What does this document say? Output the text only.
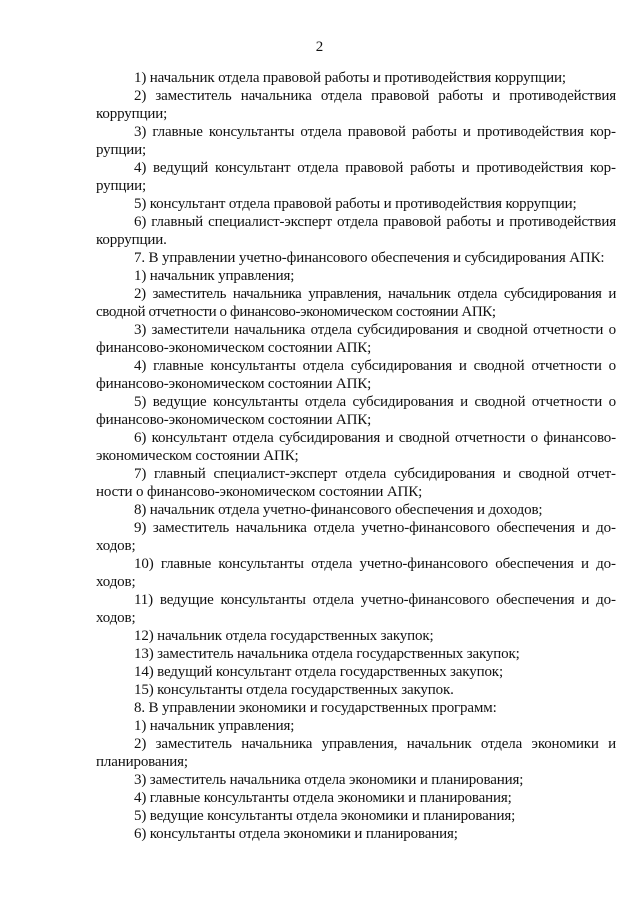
2

1) начальник отдела правовой работы и противодействия коррупции;

2) заместитель начальника отдела правовой работы и противодействия коррупции;

3) главные консультанты отдела правовой работы и противодействия коррупции;

4) ведущий консультант отдела правовой работы и противодействия коррупции;

5) консультант отдела правовой работы и противодействия коррупции;

6) главный специалист-эксперт отдела правовой работы и противодействия коррупции.

7. В управлении учетно-финансового обеспечения и субсидирования АПК:

1) начальник управления;

2) заместитель начальника управления, начальник отдела субсидирования и сводной отчетности о финансово-экономическом состоянии АПК;

3) заместители начальника отдела субсидирования и сводной отчетности о финансово-экономическом состоянии АПК;

4) главные консультанты отдела субсидирования и сводной отчетности о финансово-экономическом состоянии АПК;

5) ведущие консультанты отдела субсидирования и сводной отчетности о финансово-экономическом состоянии АПК;

6) консультант отдела субсидирования и сводной отчетности о финансово-экономическом состоянии АПК;

7) главный специалист-эксперт отдела субсидирования и сводной отчетности о финансово-экономическом состоянии АПК;

8) начальник отдела учетно-финансового обеспечения и доходов;

9) заместитель начальника отдела учетно-финансового обеспечения и доходов;

10) главные консультанты отдела учетно-финансового обеспечения и доходов;

11) ведущие консультанты отдела учетно-финансового обеспечения и доходов;

12) начальник отдела государственных закупок;

13) заместитель начальника отдела государственных закупок;

14) ведущий консультант отдела государственных закупок;

15) консультанты отдела государственных закупок.

8. В управлении экономики и государственных программ:

1) начальник управления;

2) заместитель начальника управления, начальник отдела экономики и планирования;

3) заместитель начальника отдела экономики и планирования;

4) главные консультанты отдела экономики и планирования;

5) ведущие консультанты отдела экономики и планирования;

6) консультанты отдела экономики и планирования;
